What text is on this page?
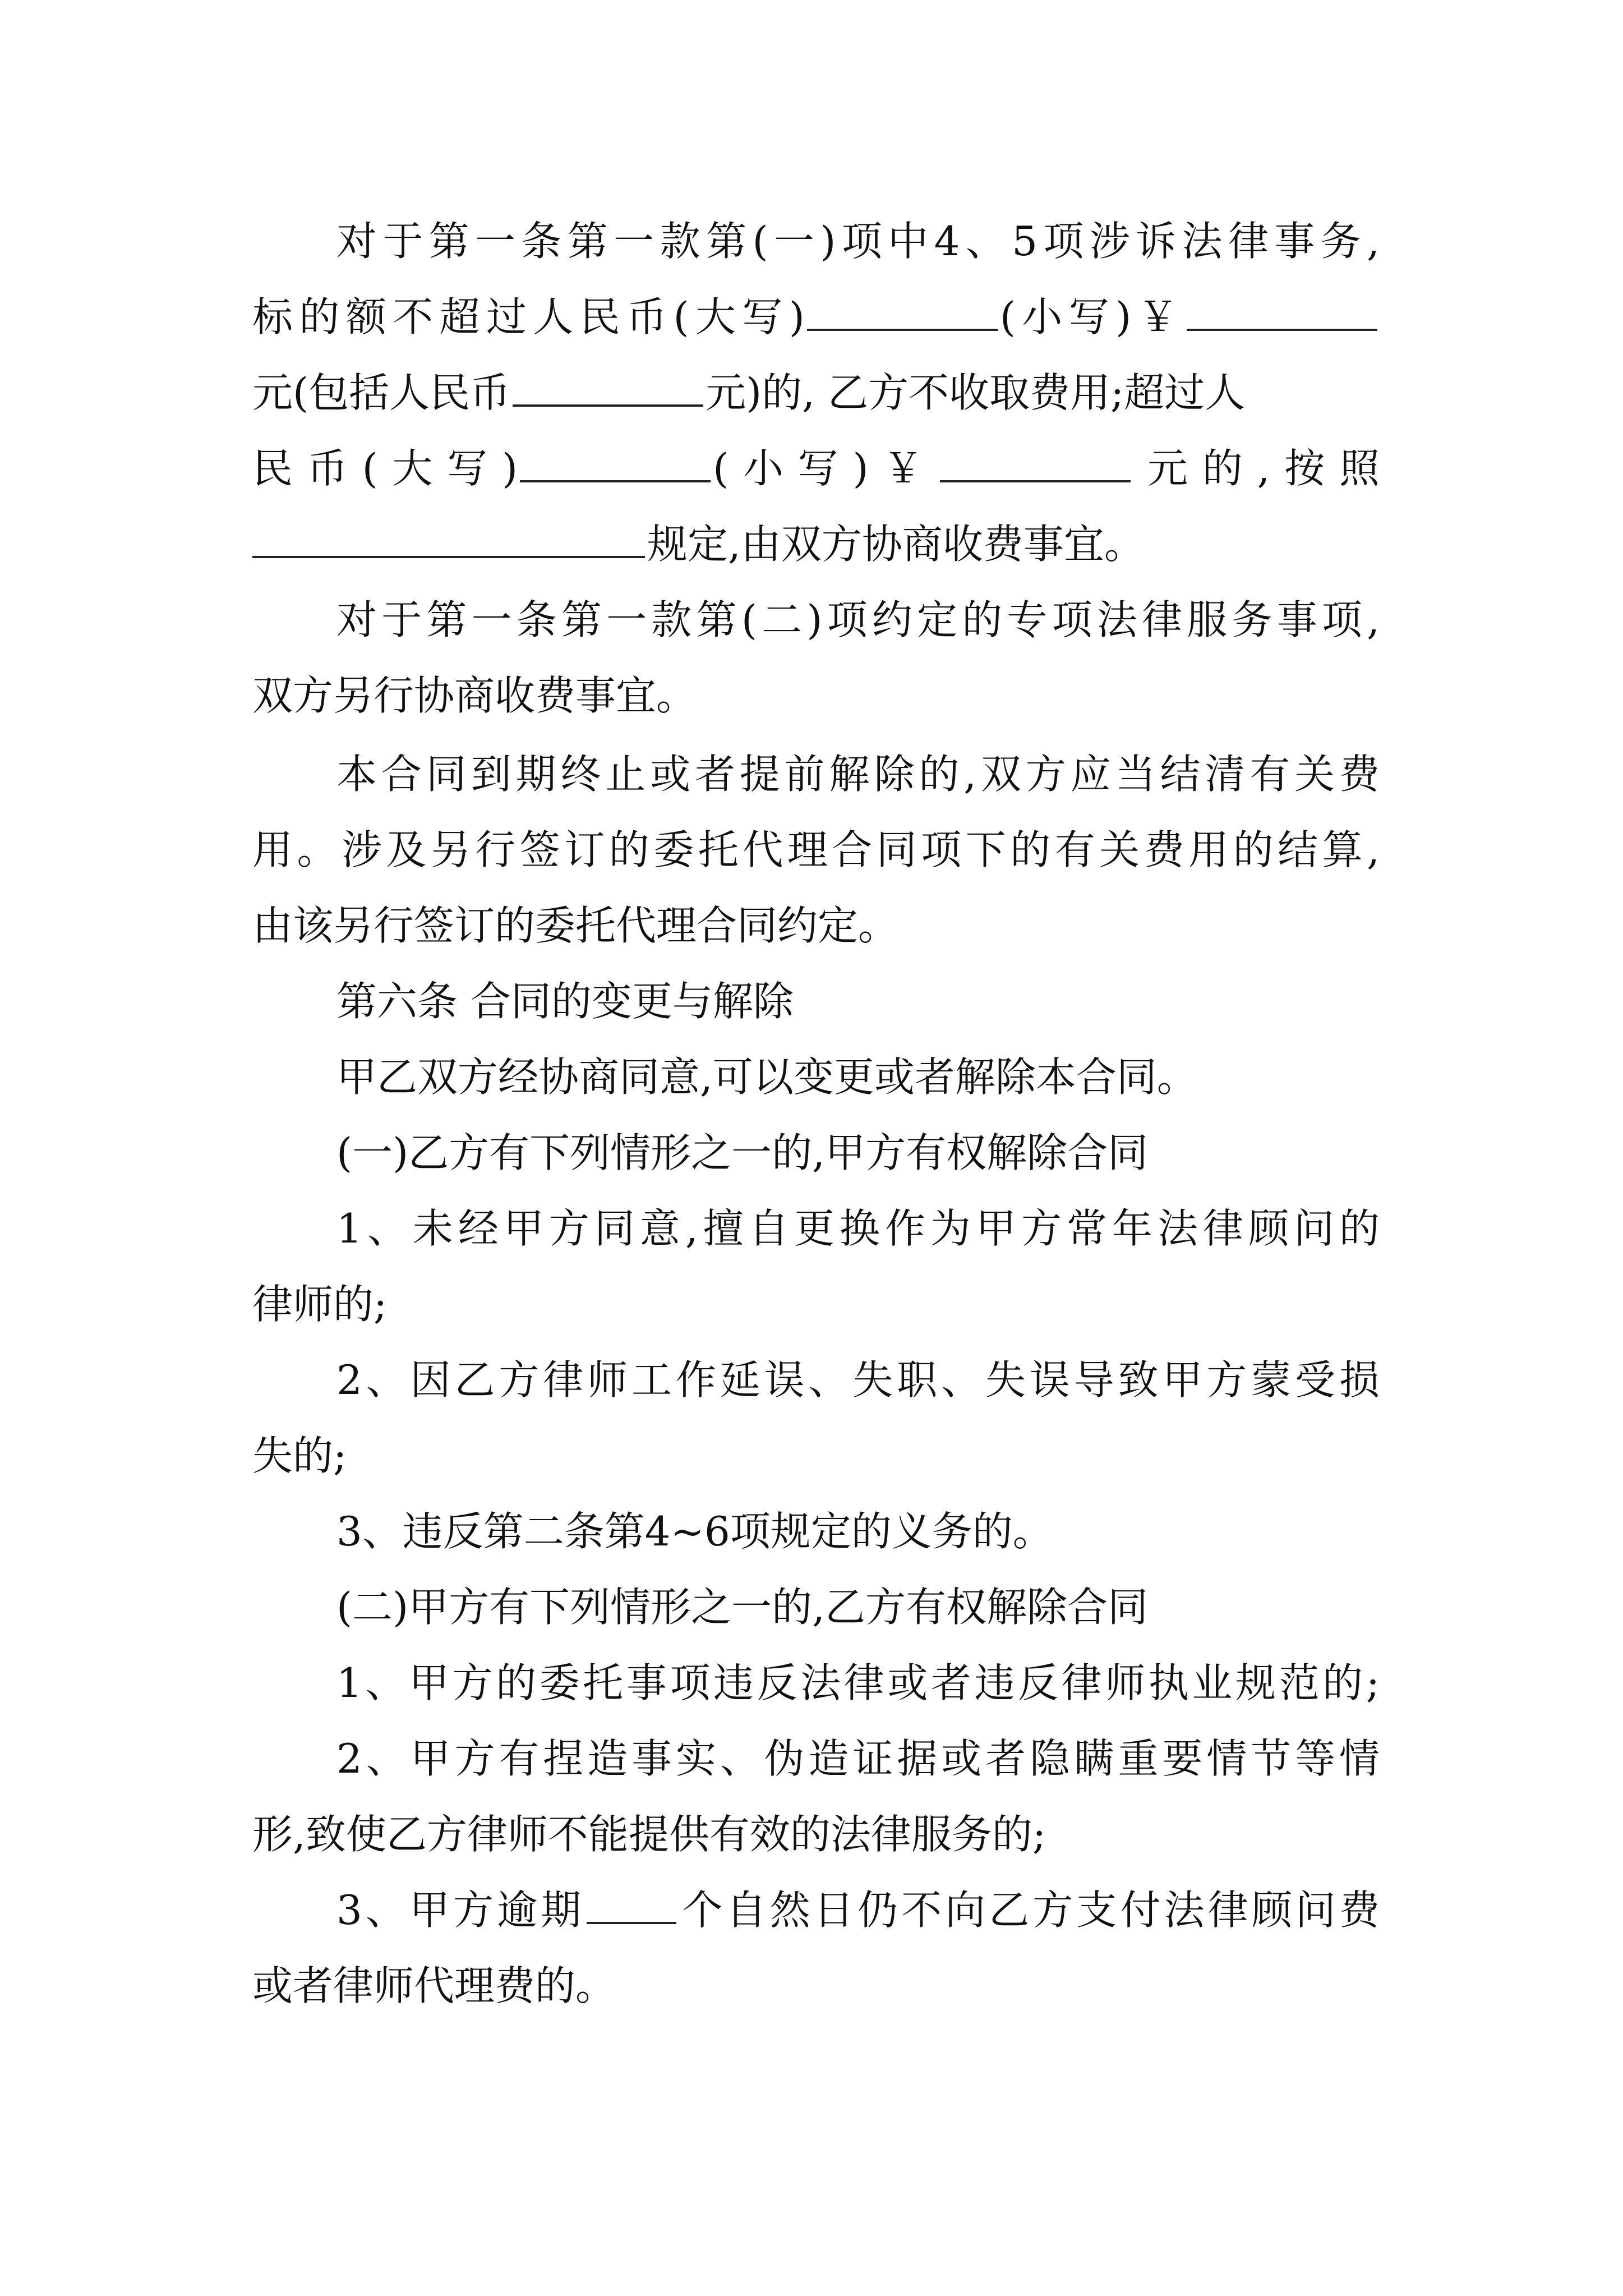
对于第一条第一款第(一)项中4、5项涉诉法律事务,

标的额不超过人民币(大写)	(小写)￥

元(包括人民币	元)的, 乙方不收取费用;超过人

民币(大写)	(小写)￥	元的,按照

规定,由双方协商收费事宜。

对于第一条第一款第(二)项约定的专项法律服务事项,

双方另行协商收费事宜。

本合同到期终止或者提前解除的,双方应当结清有关费

用。涉及另行签订的委托代理合同项下的有关费用的结算,

由该另行签订的委托代理合同约定。

第六条 合同的变更与解除

甲乙双方经协商同意,可以变更或者解除本合同。

(一)乙方有下列情形之一的,甲方有权解除合同

1、未经甲方同意,擅自更换作为甲方常年法律顾问的

律师的;

2、因乙方律师工作延误、失职、失误导致甲方蒙受损

失的;

3、违反第二条第4~6项规定的义务的。

(二)甲方有下列情形之一的,乙方有权解除合同

1、甲方的委托事项违反法律或者违反律师执业规范的;

2、甲方有捏造事实、伪造证据或者隐瞒重要情节等情

形,致使乙方律师不能提供有效的法律服务的;

3、甲方逾期 个自然日仍不向乙方支付法律顾问费

或者律师代理费的。
